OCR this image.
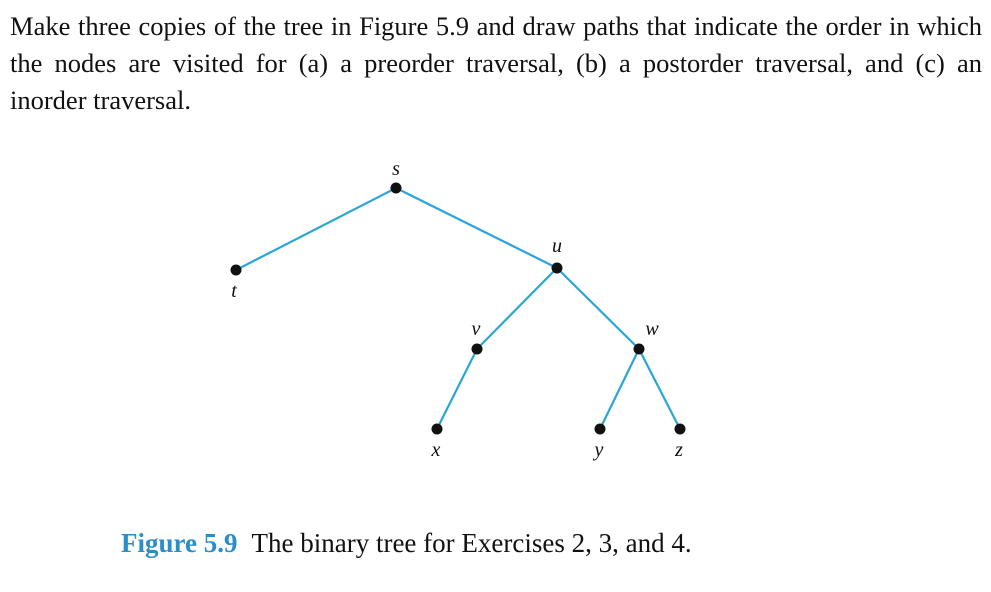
Make three copies of the tree in Figure 5.9 and draw paths that indicate the order in which the nodes are visited for (a) a preorder traversal, (b) a postorder traversal, and (c) an inorder traversal.

s
t
u
v	w
x	y	z

Figure 5.9 The binary tree for Exercises 2, 3, and 4.
